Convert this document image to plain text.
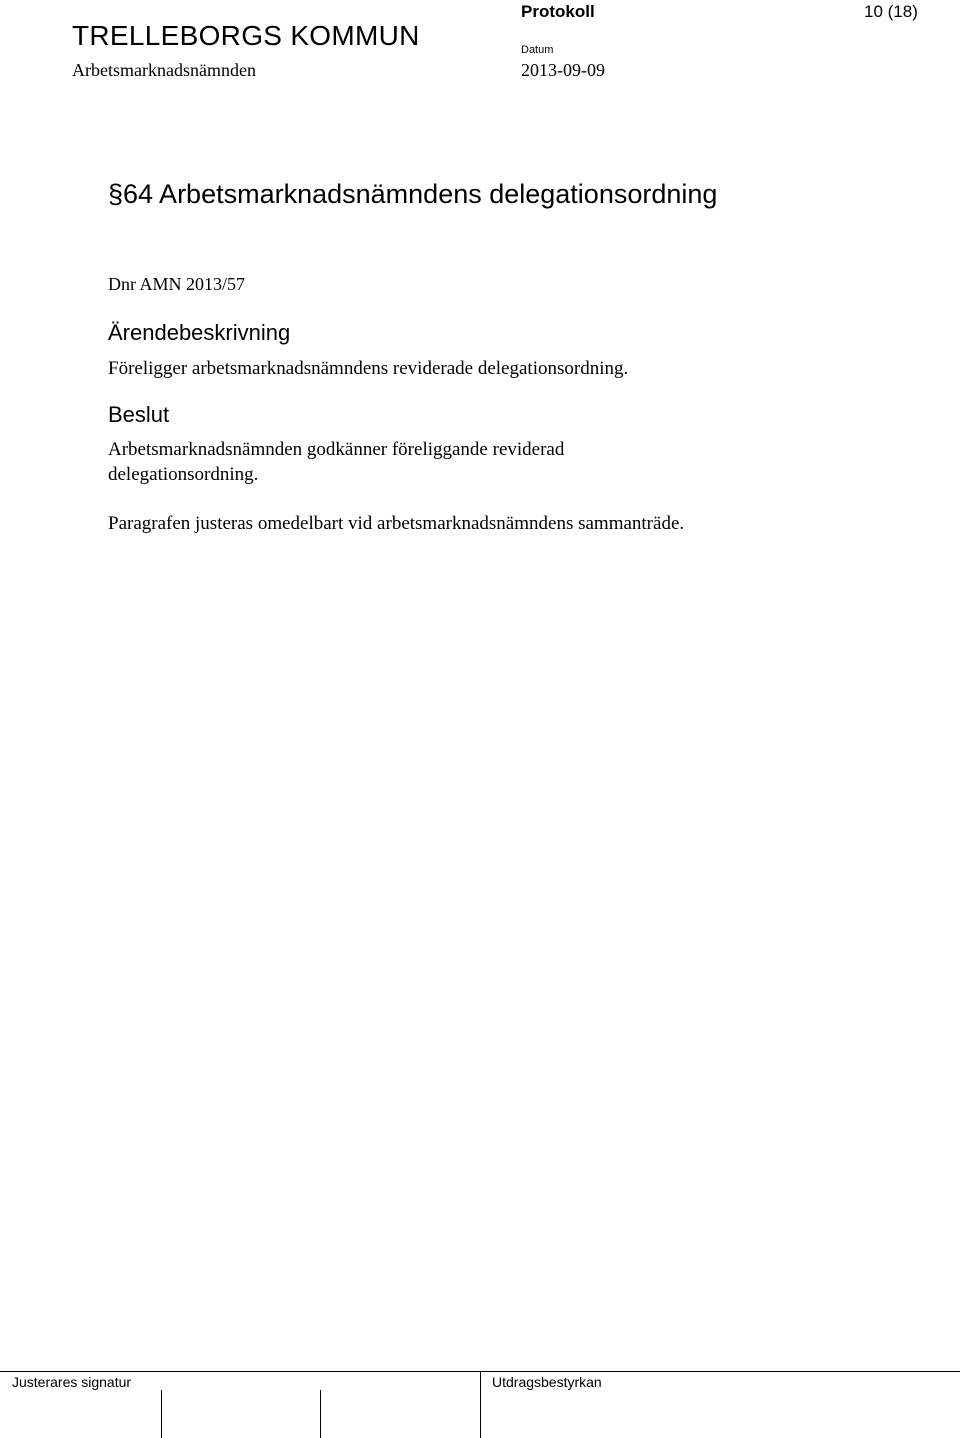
TRELLEBORGS KOMMUN
Arbetsmarknadsnämnden
Protokoll	10 (18)
Datum
2013-09-09
§64 Arbetsmarknadsnämndens delegationsordning
Dnr AMN 2013/57
Ärendebeskrivning
Föreligger arbetsmarknadsnämndens reviderade delegationsordning.
Beslut
Arbetsmarknadsnämnden godkänner föreliggande reviderad delegationsordning.
Paragrafen justeras omedelbart vid arbetsmarknadsnämndens sammanträde.
Justerares signatur	Utdragsbestyrkan
